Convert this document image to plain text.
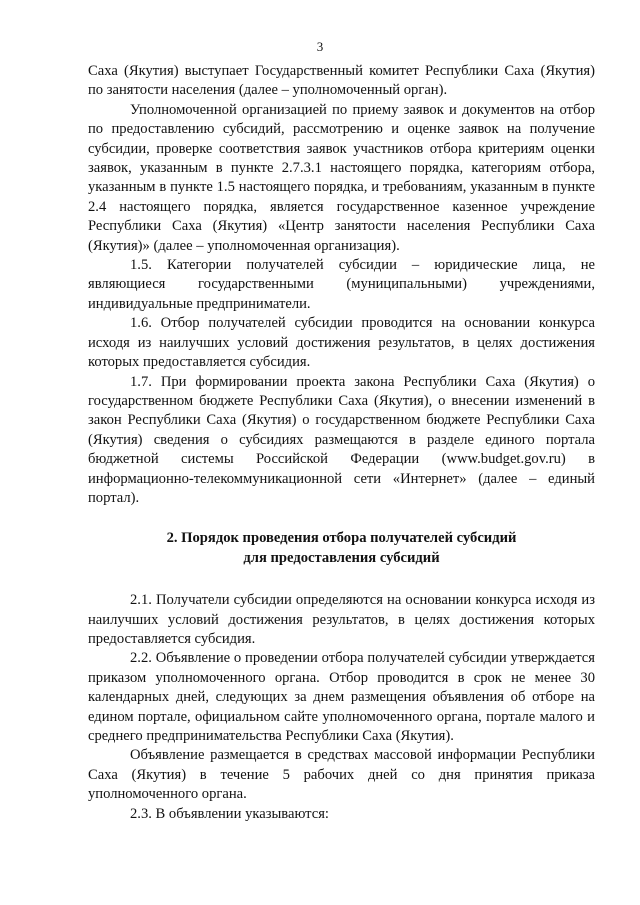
3

Саха (Якутия) выступает Государственный комитет Республики Саха (Якутия) по занятости населения (далее – уполномоченный орган).

Уполномоченной организацией по приему заявок и документов на отбор по предоставлению субсидий, рассмотрению и оценке заявок на получение субсидии, проверке соответствия заявок участников отбора критериям оценки заявок, указанным в пункте 2.7.3.1 настоящего порядка, категориям отбора, указанным в пункте 1.5 настоящего порядка, и требованиям, указанным в пункте 2.4 настоящего порядка, является государственное казенное учреждение Республики Саха (Якутия) «Центр занятости населения Республики Саха (Якутия)» (далее – уполномоченная организация).

1.5. Категории получателей субсидии – юридические лица, не являющиеся государственными (муниципальными) учреждениями, индивидуальные предприниматели.

1.6. Отбор получателей субсидии проводится на основании конкурса исходя из наилучших условий достижения результатов, в целях достижения которых предоставляется субсидия.

1.7. При формировании проекта закона Республики Саха (Якутия) о государственном бюджете Республики Саха (Якутия), о внесении изменений в закон Республики Саха (Якутия) о государственном бюджете Республики Саха (Якутия) сведения о субсидиях размещаются в разделе единого портала бюджетной системы Российской Федерации (www.budget.gov.ru) в информационно-телекоммуникационной сети «Интернет» (далее – единый портал).

2. Порядок проведения отбора получателей субсидий
для предоставления субсидий

2.1. Получатели субсидии определяются на основании конкурса исходя из наилучших условий достижения результатов, в целях достижения которых предоставляется субсидия.

2.2. Объявление о проведении отбора получателей субсидии утверждается приказом уполномоченного органа. Отбор проводится в срок не менее 30 календарных дней, следующих за днем размещения объявления об отборе на едином портале, официальном сайте уполномоченного органа, портале малого и среднего предпринимательства Республики Саха (Якутия).

Объявление размещается в средствах массовой информации Республики Саха (Якутия) в течение 5 рабочих дней со дня принятия приказа уполномоченного органа.

2.3. В объявлении указываются:
